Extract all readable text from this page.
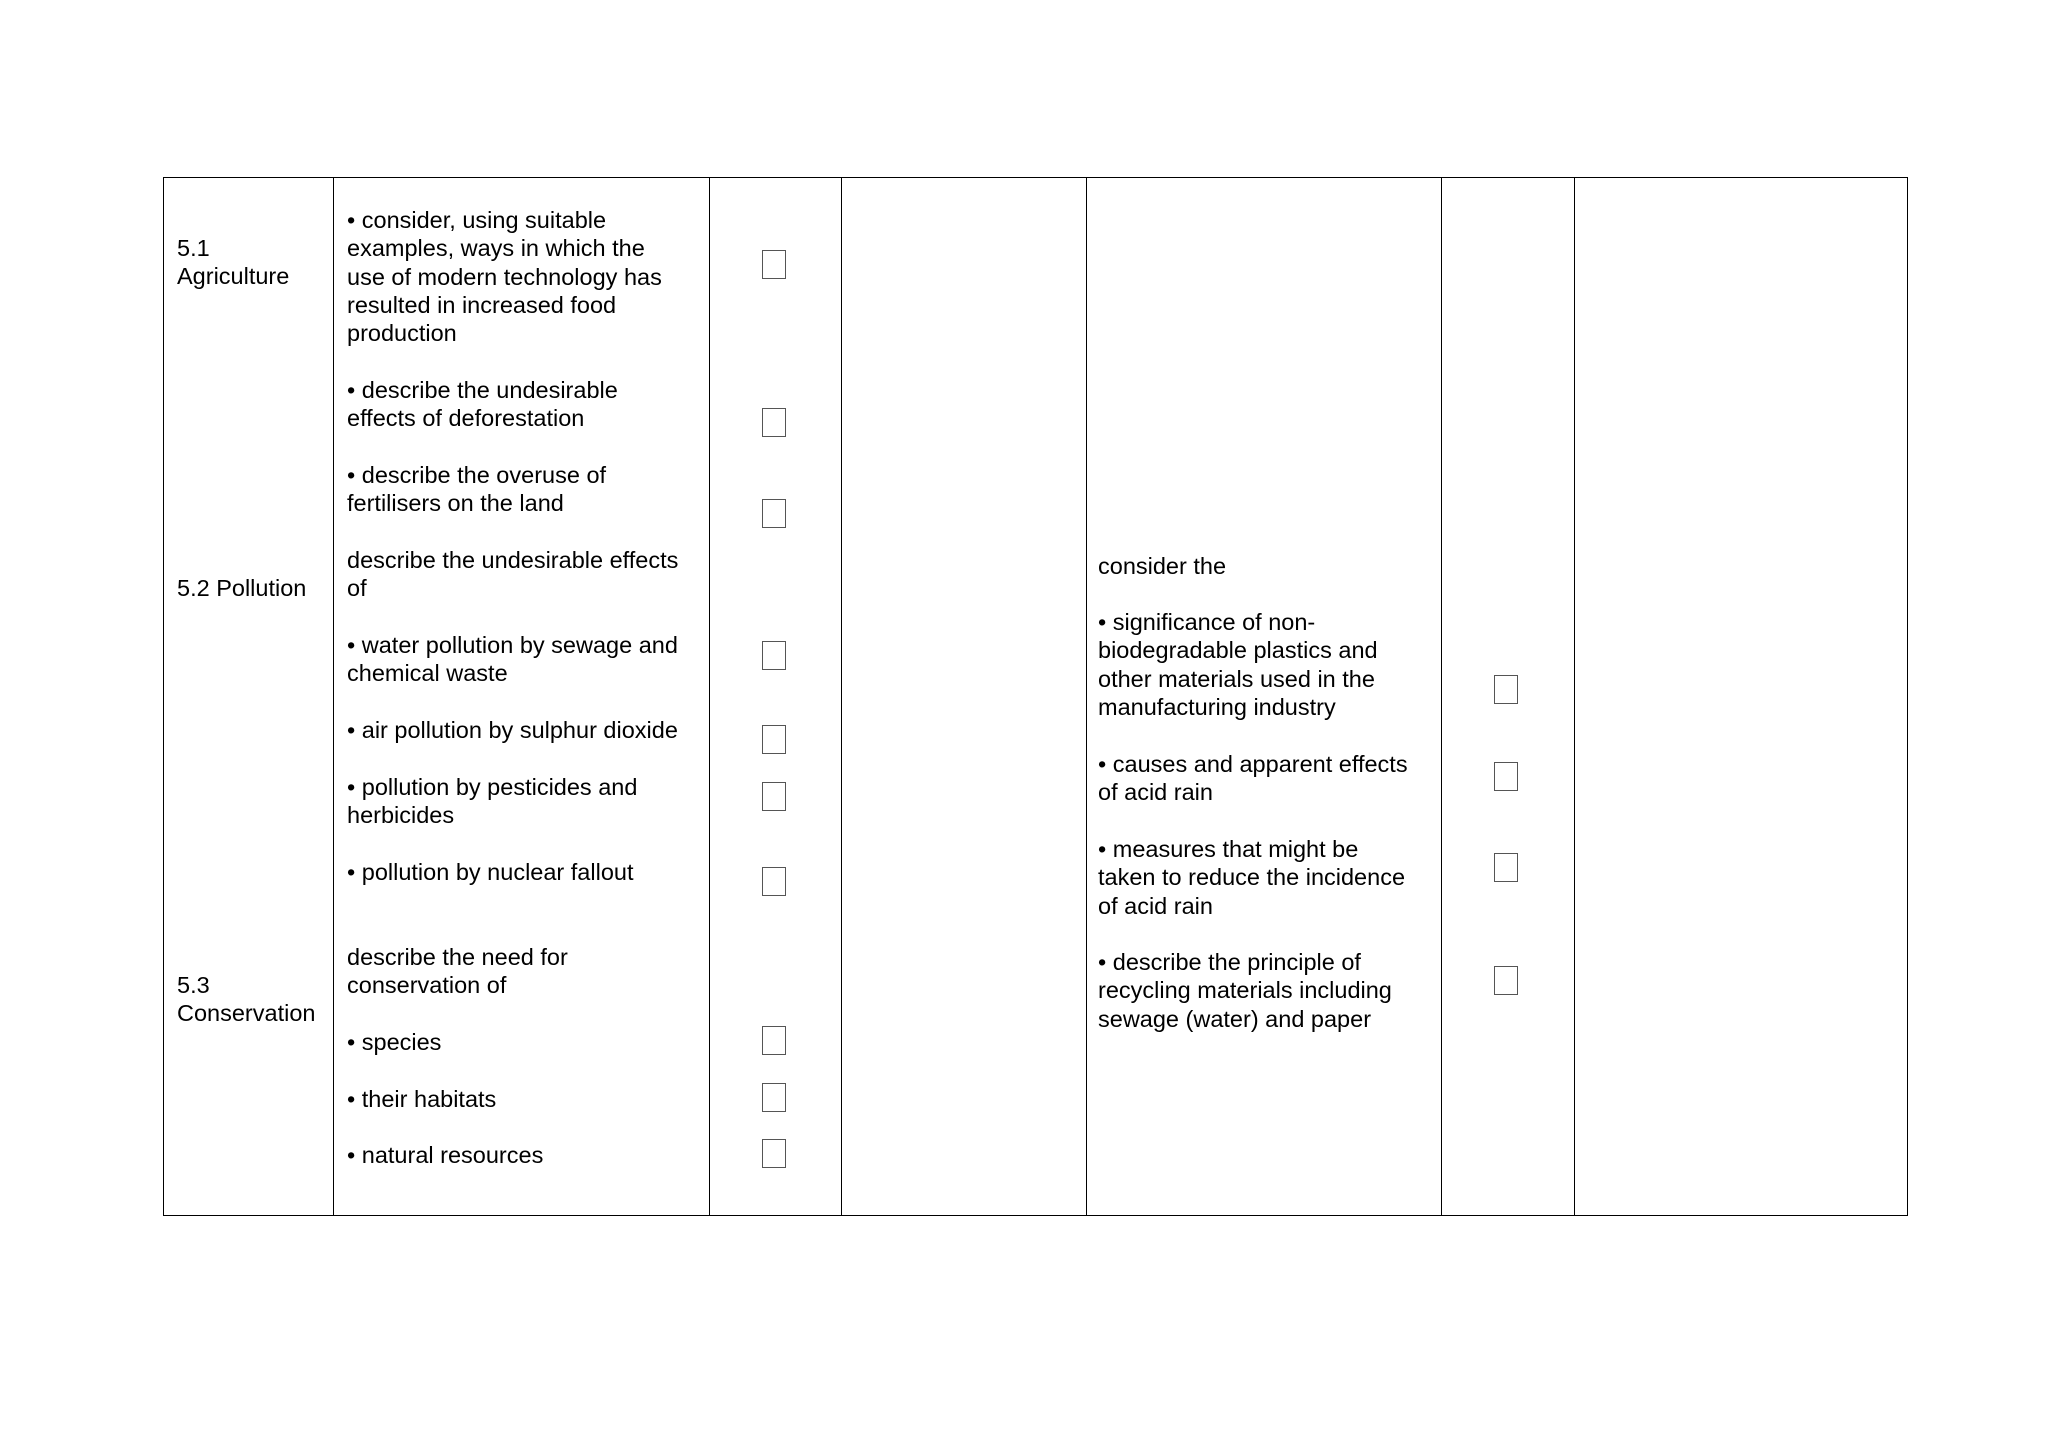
5.1
Agriculture
5.2 Pollution
5.3
Conservation
• consider, using suitable
examples, ways in which the
use of modern technology has
resulted in increased food
production
• describe the undesirable
effects of deforestation
• describe the overuse of
fertilisers on the land
describe the undesirable effects
of
• water pollution by sewage and
chemical waste
• air pollution by sulphur dioxide
• pollution by pesticides and
herbicides
• pollution by nuclear fallout
describe the need for
conservation of
• species
• their habitats
• natural resources
consider the
• significance of non-
biodegradable plastics and
other materials used in the
manufacturing industry
• causes and apparent effects
of acid rain
• measures that might be
taken to reduce the incidence
of acid rain
• describe the principle of
recycling materials including
sewage (water) and paper
